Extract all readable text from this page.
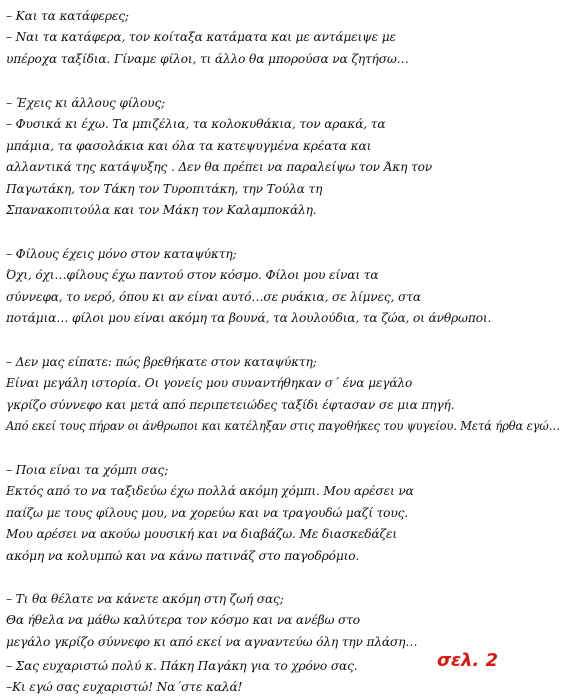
– Και τα κατάφερες;
– Ναι τα κατάφερα, τον κοίταξα κατάματα και με αντάμειψε με
υπέροχα ταξίδια. Γίναμε φίλοι, τι άλλο θα μπορούσα να ζητήσω…
– Έχεις κι άλλους φίλους;
– Φυσικά κι έχω. Τα μπιζέλια, τα κολοκυθάκια, τον αρακά, τα
μπάμια, τα φασολάκια και όλα τα κατεψυγμένα κρέατα και
αλλαντικά της κατάψυξης . Δεν θα πρέπει να παραλείψω τον Άκη τον
Παγωτάκη, τον Τάκη τον Τυροπιτάκη, την Τούλα τη
Σπανακοπιτούλα και τον Μάκη τον Καλαμποκάλη.
– Φίλους έχεις μόνο στον καταψύκτη;
Όχι, όχι…φίλους έχω παντού στον κόσμο. Φίλοι μου είναι τα
σύννεφα, το νερό, όπου κι αν είναι αυτό…σε ρυάκια, σε λίμνες, στα
ποτάμια… φίλοι μου είναι ακόμη τα βουνά, τα λουλούδια, τα ζώα, οι άνθρωποι.
– Δεν μας είπατε: πώς βρεθήκατε στον καταψύκτη;
Είναι μεγάλη ιστορία. Οι γονείς μου συναντήθηκαν σ΄ ένα μεγάλο
γκρίζο σύννεφο και μετά από περιπετειώδες ταξίδι έφτασαν σε μια πηγή.
Από εκεί τους πήραν οι άνθρωποι και κατέληξαν στις παγοθήκες του ψυγείου. Μετά ήρθα εγώ…
– Ποια είναι τα χόμπι σας;
Εκτός από το να ταξιδεύω έχω πολλά ακόμη χόμπι. Μου αρέσει να
παίζω με τους φίλους μου, να χορεύω και να τραγουδώ μαζί τους.
Μου αρέσει να ακούω μουσική και να διαβάζω. Με διασκεδάζει
ακόμη να κολυμπώ και να κάνω πατινάζ στο παγοδρόμιο.
– Τι θα θέλατε να κάνετε ακόμη στη ζωή σας;
Θα ήθελα να μάθω καλύτερα τον κόσμο και να ανέβω στο
μεγάλο γκρίζο σύννεφο κι από εκεί να αγναντεύω όλη την πλάση…
– Σας ευχαριστώ πολύ κ. Πάκη Παγάκη για το χρόνο σας.
–Κι εγώ σας ευχαριστώ! Να΄στε καλά!
σελ. 2
